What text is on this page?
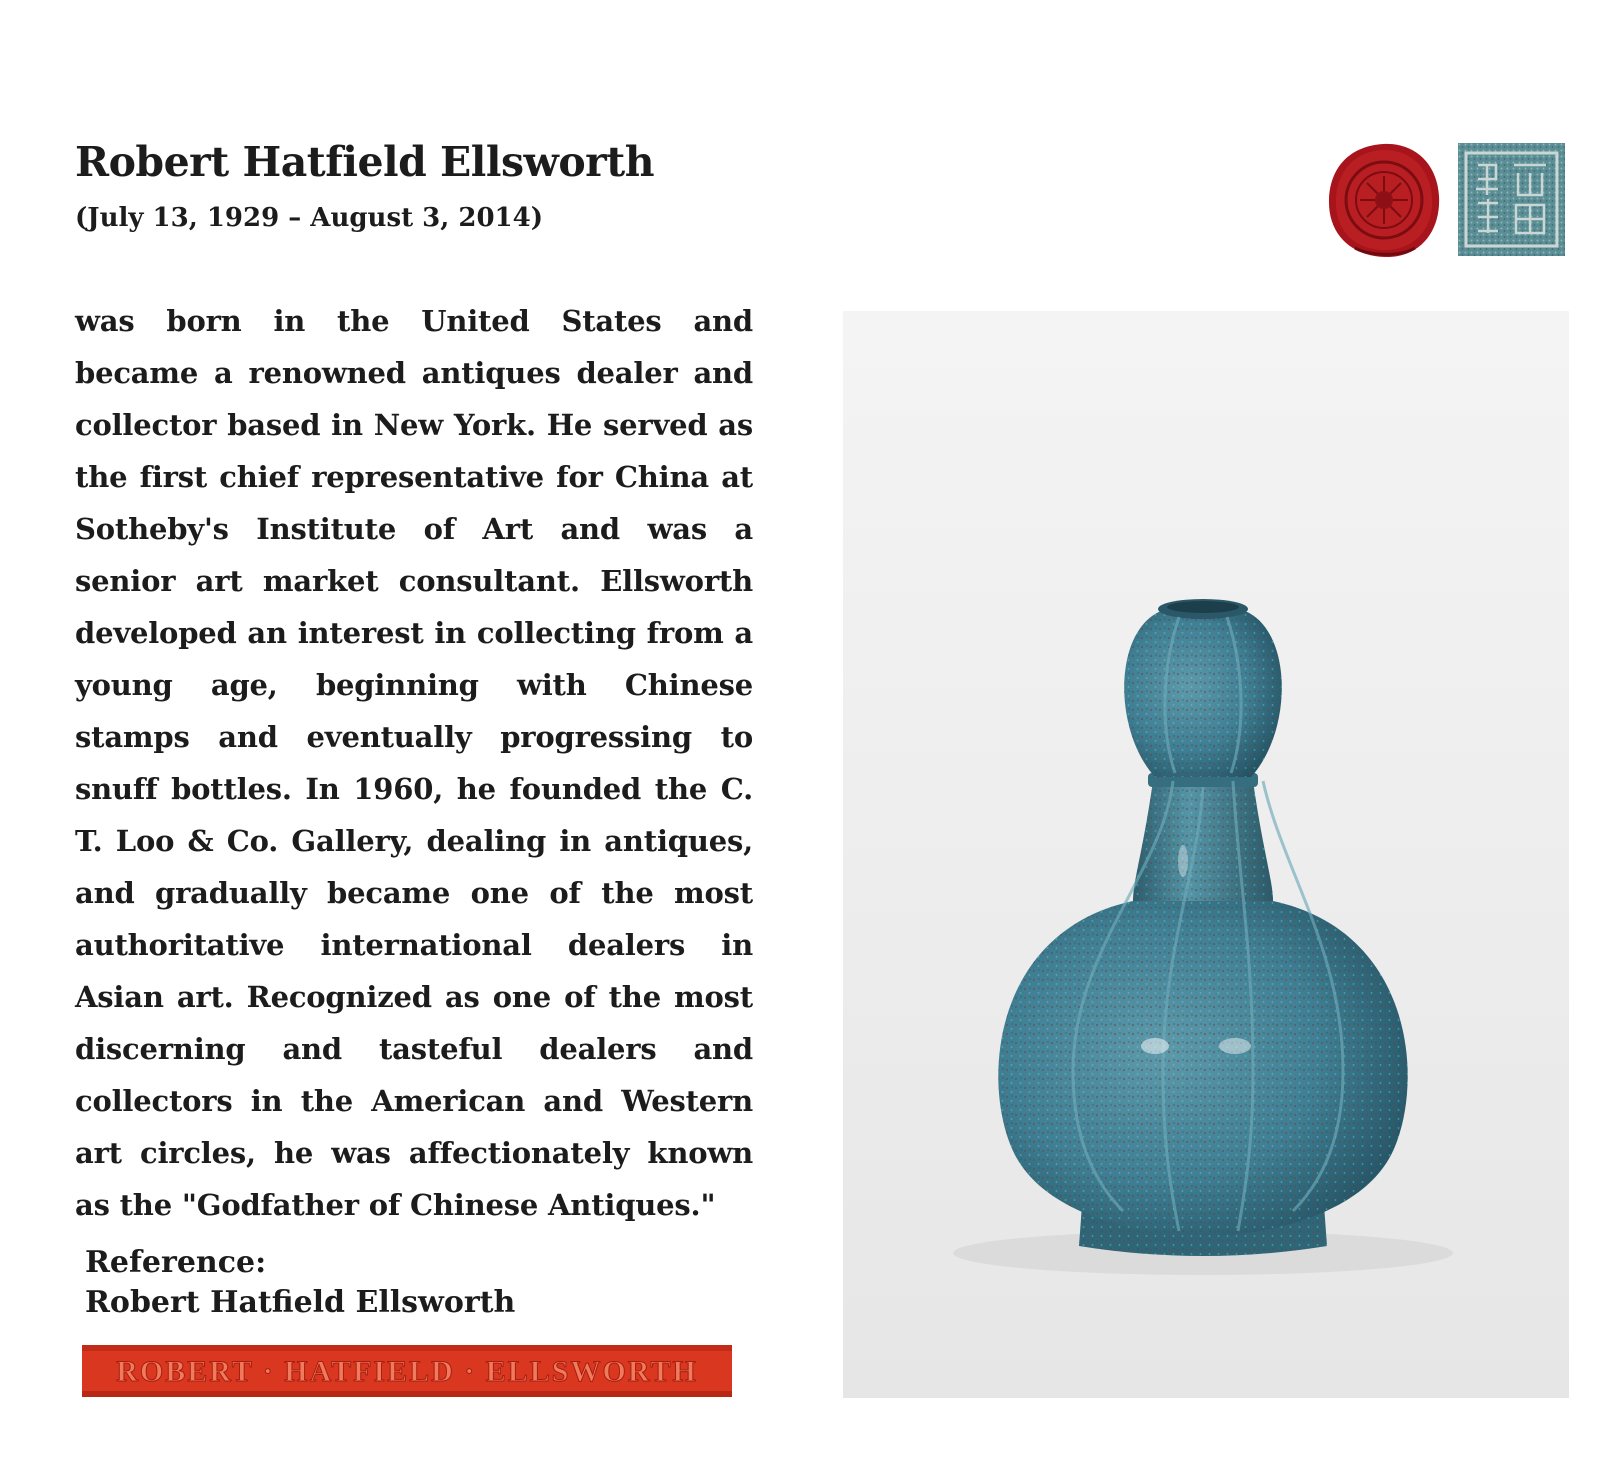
Robert Hatfield Ellsworth
(July 13, 1929 – August 3, 2014)
was born in the United States and became a renowned antiques dealer and collector based in New York. He served as the first chief representative for China at Sotheby's Institute of Art and was a senior art market consultant. Ellsworth developed an interest in collecting from a young age, beginning with Chinese stamps and eventually progressing to snuff bottles. In 1960, he founded the C. T. Loo & Co. Gallery, dealing in antiques, and gradually became one of the most authoritative international dealers in Asian art. Recognized as one of the most discerning and tasteful dealers and collectors in the American and Western art circles, he was affectionately known as the "Godfather of Chinese Antiques."
Reference:
Robert Hatfield Ellsworth
ROBERT · HATFIELD · ELLSWORTH
